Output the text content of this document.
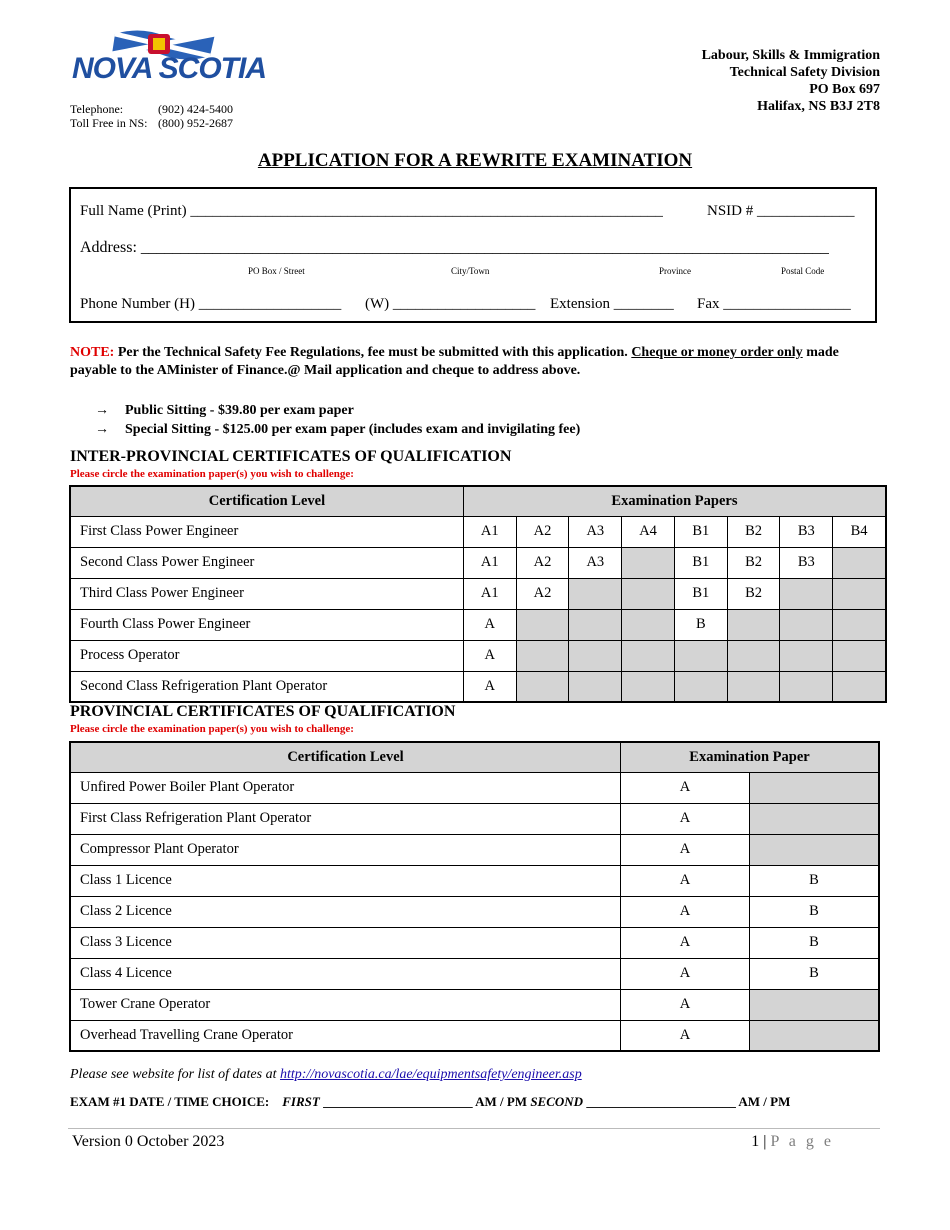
NOVA SCOTIA
Telephone:	(902) 424-5400
Toll Free in NS: (800) 952-2687
Labour, Skills & Immigration
Technical Safety Division
PO Box 697
Halifax, NS B3J 2T8
APPLICATION FOR A REWRITE EXAMINATION
Full Name (Print) _______________________________________________________________	NSID # _____________
Address: ______________________________________________________________________________________
PO Box / Street	City/Town	Province	Postal Code
Phone Number (H) ___________________ (W) ___________________ Extension ________ Fax _________________
NOTE: Per the Technical Safety Fee Regulations, fee must be submitted with this application. Cheque or money order only made payable to the AMinister of Finance.@ Mail application and cheque to address above.
→ Public Sitting - $39.80 per exam paper
→ Special Sitting - $125.00 per exam paper (includes exam and invigilating fee)
INTER-PROVINCIAL CERTIFICATES OF QUALIFICATION
Please circle the examination paper(s) you wish to challenge:
Certification Level	Examination Papers							
First Class Power Engineer	A1	A2	A3	A4	B1	B2	B3	B4
Second Class Power Engineer	A1	A2	A3		B1	B2	B3	
Third Class Power Engineer	A1	A2			B1	B2		
Fourth Class Power Engineer	A				B			
Process Operator	A							
Second Class Refrigeration Plant Operator	A							
PROVINCIAL CERTIFICATES OF QUALIFICATION
Please circle the examination paper(s) you wish to challenge:
Certification Level	Examination Paper	
Unfired Power Boiler Plant Operator	A	
First Class Refrigeration Plant Operator	A	
Compressor Plant Operator	A	
Class 1 Licence	A	B
Class 2 Licence	A	B
Class 3 Licence	A	B
Class 4 Licence	A	B
Tower Crane Operator	A	
Overhead Travelling Crane Operator	A	
Please see website for list of dates at http://novascotia.ca/lae/equipmentsafety/engineer.asp
EXAM #1 DATE / TIME CHOICE: FIRST _______________________ AM / PM SECOND _______________________ AM / PM
Version 0 October 2023	1 | P a g e
